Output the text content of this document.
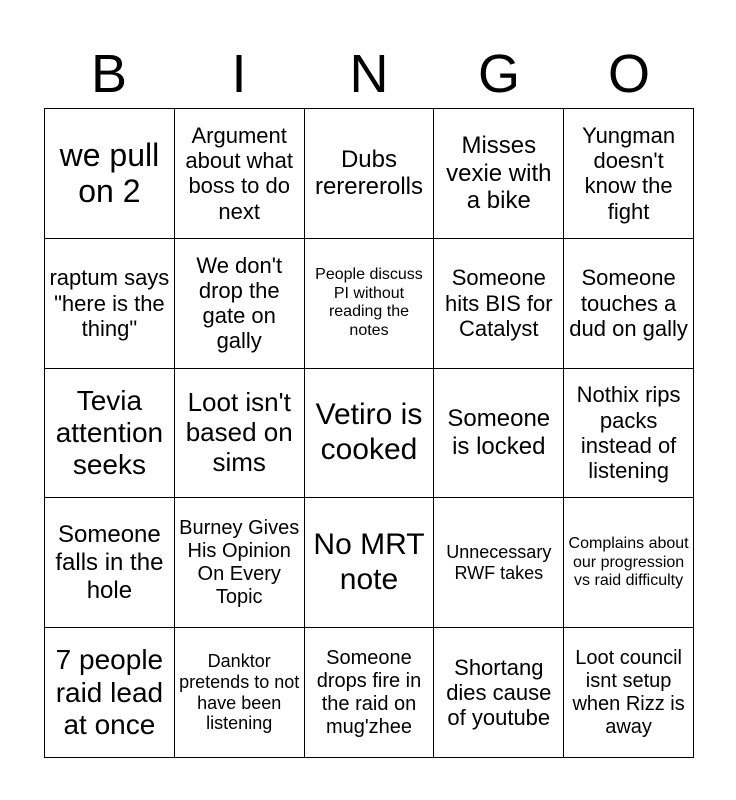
B	I	N	G	O
we pull on 2
Argument about what boss to do next
Dubs rerererolls
Misses vexie with a bike
Yungman doesn't know the fight
raptum says "here is the thing"
We don't drop the gate on gally
People discuss PI without reading the notes
Someone hits BIS for Catalyst
Someone touches a dud on gally
Tevia attention seeks
Loot isn't based on sims
Vetiro is cooked
Someone is locked
Nothix rips packs instead of listening
Someone falls in the hole
Burney Gives His Opinion On Every Topic
No MRT note
Unnecessary RWF takes
Complains about our progression vs raid difficulty
7 people raid lead at once
Danktor pretends to not have been listening
Someone drops fire in the raid on mug'zhee
Shortang dies cause of youtube
Loot council isnt setup when Rizz is away
